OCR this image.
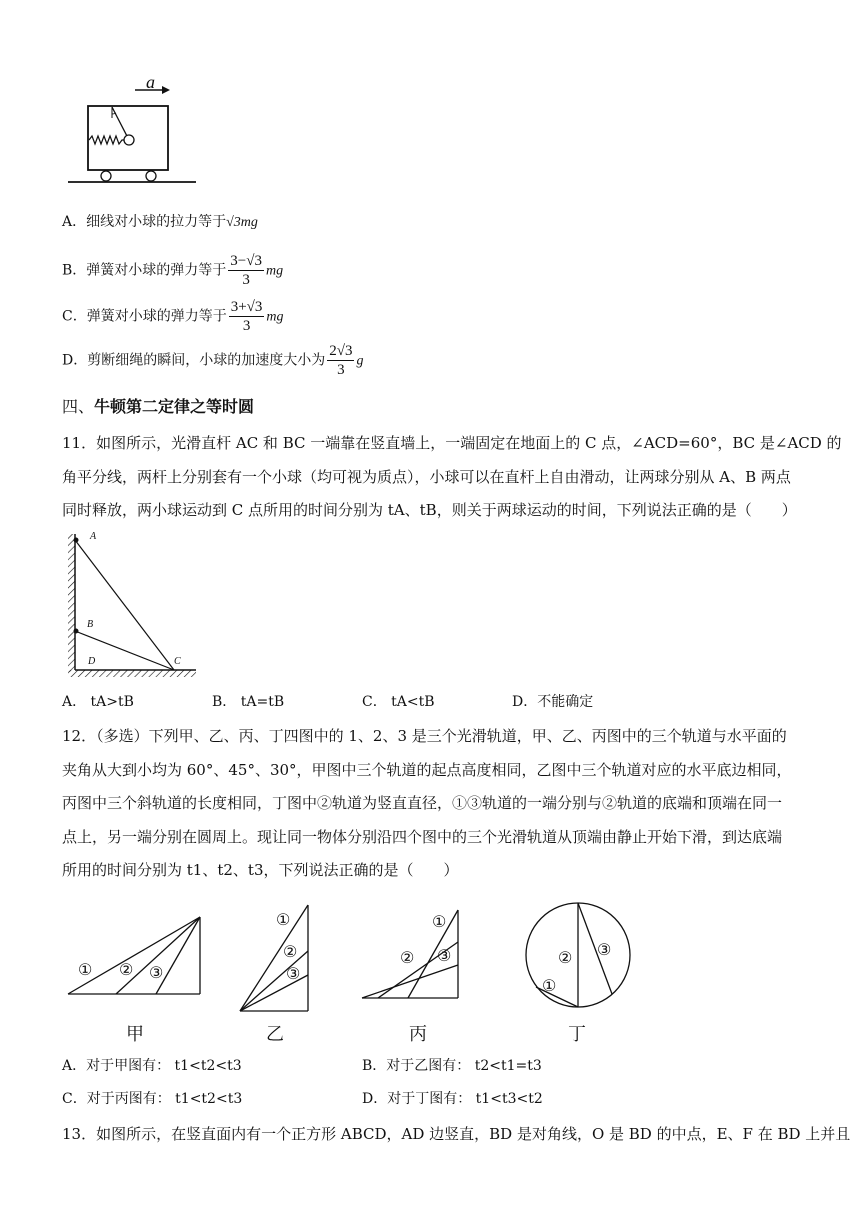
a
A．细线对小球的拉力等于√3mg
B．弹簧对小球的弹力等于 $\frac{3-√3}{3}$ mg
C．弹簧对小球的弹力等于 $\frac{3+√3}{3}$ mg
D．剪断细绳的瞬间，小球的加速度大小为 $\frac{2√3}{3}$ g
四、牛顿第二定律之等时圆
11．如图所示，光滑直杆 AC 和 BC 一端靠在竖直墙上，一端固定在地面上的 C 点，∠ACD=60°，BC 是∠ACD 的
角平分线，两杆上分别套有一个小球（均可视为质点），小球可以在直杆上自由滑动，让两球分别从 A、B 两点
同时释放，两小球运动到 C 点所用的时间分别为 tA、tB，则关于两球运动的时间，下列说法正确的是（　　）
A
B
D	C
A． tA>tB	B． tA=tB	C． tA<tB	D．不能确定
12．（多选）下列甲、乙、丙、丁四图中的 1、2、3 是三个光滑轨道，甲、乙、丙图中的三个轨道与水平面的
夹角从大到小均为 60°、45°、30°，甲图中三个轨道的起点高度相同，乙图中三个轨道对应的水平底边相同，
丙图中三个斜轨道的长度相同，丁图中②轨道为竖直直径，①③轨道的一端分别与②轨道的底端和顶端在同一
点上，另一端分别在圆周上。现让同一物体分别沿四个图中的三个光滑轨道从顶端由静止开始下滑，到达底端
所用的时间分别为 t1、t2、t3，下列说法正确的是（　　）
① ② ③
①
②
③
①
② ③
①
② ③
甲	乙	丙	丁
A．对于甲图有： t1<t2<t3	B．对于乙图有： t2<t1=t3
C．对于丙图有： t1<t2<t3	D．对于丁图有： t1<t3<t2
13．如图所示，在竖直面内有一个正方形 ABCD，AD 边竖直，BD 是对角线，O 是 BD 的中点，E、F 在 BD 上并且
